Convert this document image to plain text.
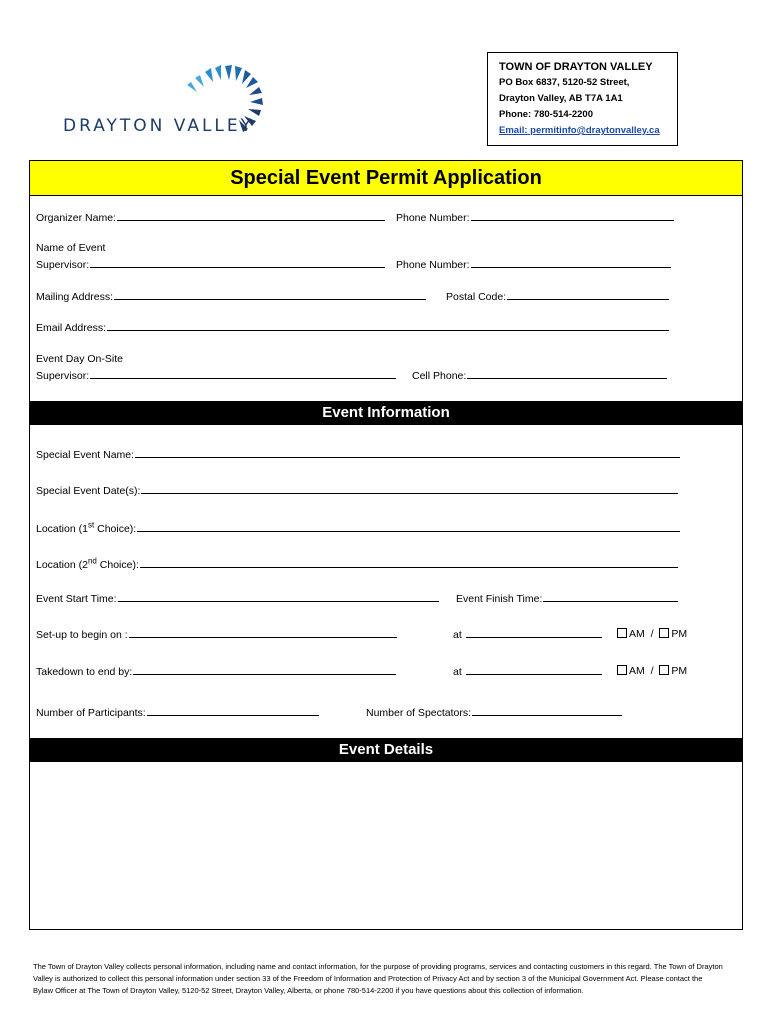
DRAYTON VALLEY
TOWN OF DRAYTON VALLEY
PO Box 6837, 5120-52 Street,
Drayton Valley, AB T7A 1A1
Phone: 780-514-2200
Email: permitinfo@draytonvalley.ca
Special Event Permit Application
Organizer Name:	Phone Number:
Name of Event
Supervisor:	Phone Number:
Mailing Address:	Postal Code:
Email Address:
Event Day On-Site
Supervisor:	Cell Phone:
Event Information
Special Event Name:
Special Event Date(s):
Location (1st Choice):
Location (2nd Choice):
Event Start Time:	Event Finish Time:
Set-up to begin on :	at	AM / PM
Takedown to end by:	at	AM / PM
Number of Participants:	Number of Spectators:
Event Details
The Town of Drayton Valley collects personal information, including name and contact information, for the purpose of providing programs, services and contacting customers in this regard. The Town of Drayton Valley is authorized to collect this personal information under section 33 of the Freedom of Information and Protection of Privacy Act and by section 3 of the Municipal Government Act. Please contact the Bylaw Officer at The Town of Drayton Valley, 5120-52 Street, Drayton Valley, Alberta, or phone 780-514-2200 if you have questions about this collection of information.
